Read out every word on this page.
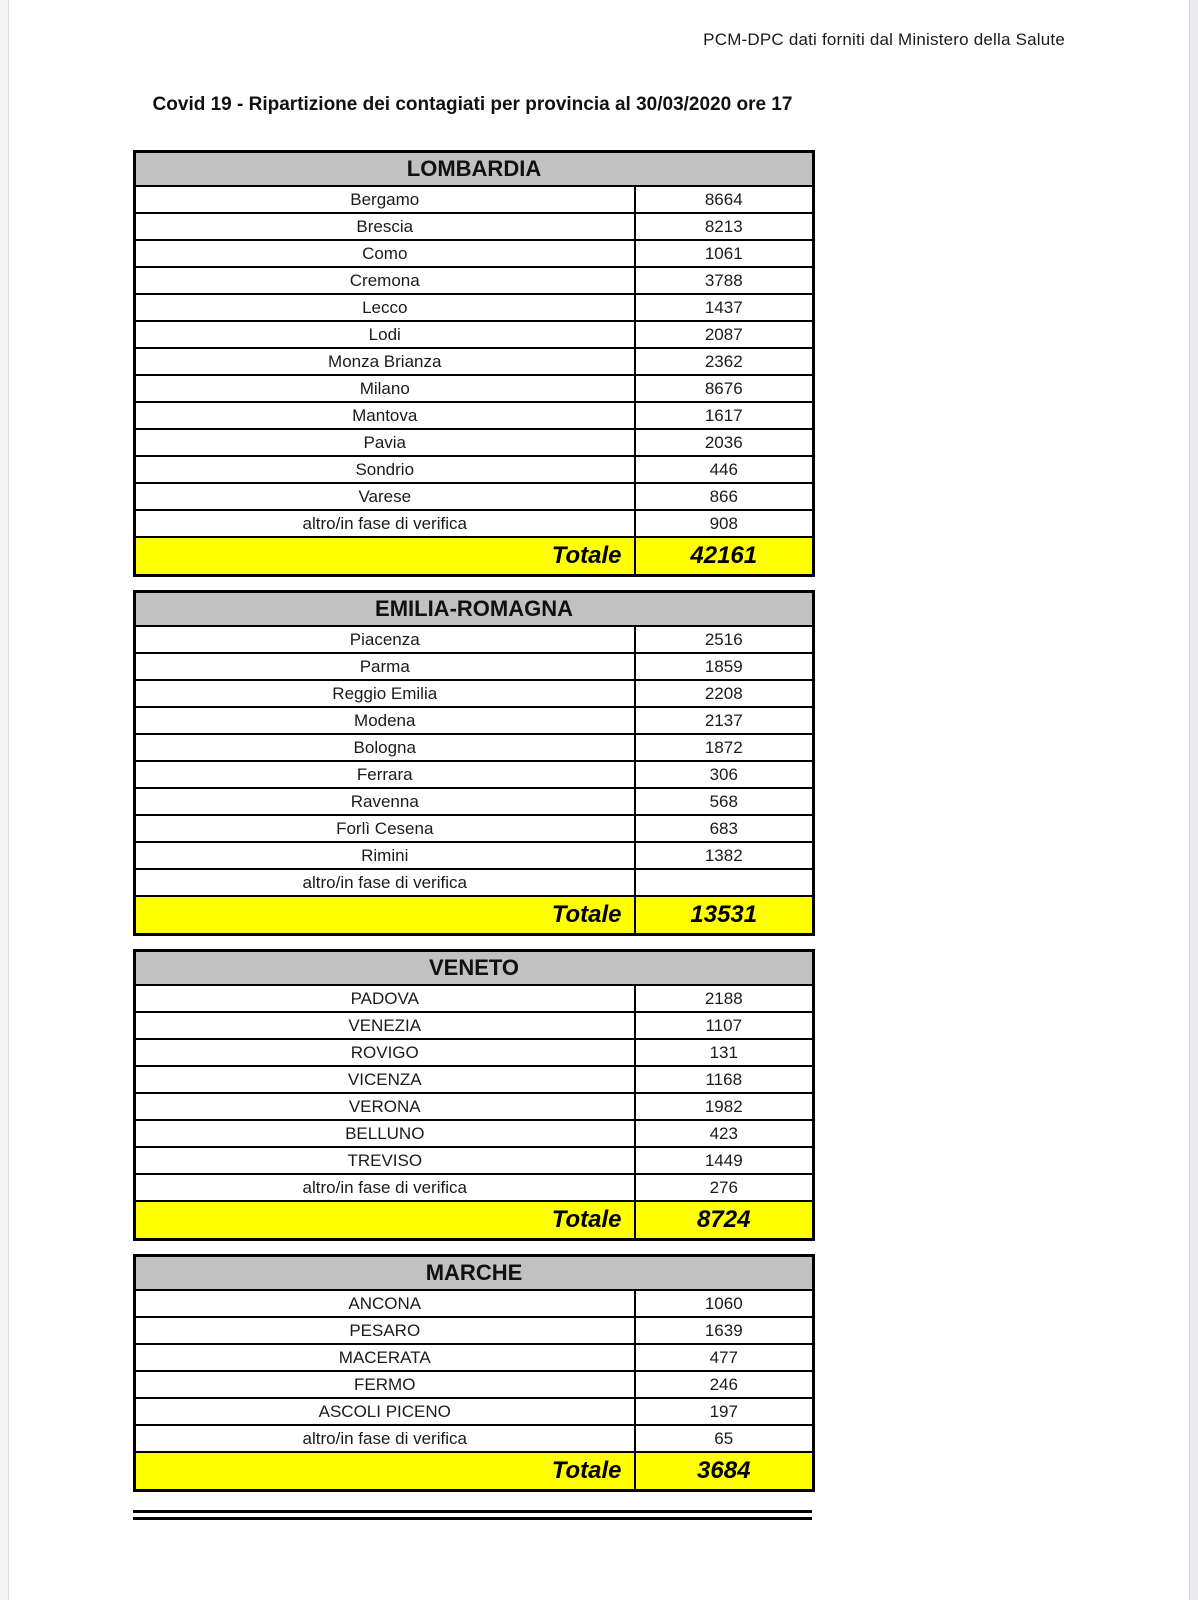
PCM-DPC dati forniti dal Ministero della Salute
Covid 19 - Ripartizione dei contagiati per provincia al 30/03/2020 ore 17
LOMBARDIA	
Bergamo	8664
Brescia	8213
Como	1061
Cremona	3788
Lecco	1437
Lodi	2087
Monza Brianza	2362
Milano	8676
Mantova	1617
Pavia	2036
Sondrio	446
Varese	866
altro/in fase di verifica	908
Totale	42161
EMILIA-ROMAGNA	
Piacenza	2516
Parma	1859
Reggio Emilia	2208
Modena	2137
Bologna	1872
Ferrara	306
Ravenna	568
Forlì Cesena	683
Rimini	1382
altro/in fase di verifica	
Totale	13531
VENETO	
PADOVA	2188
VENEZIA	1107
ROVIGO	131
VICENZA	1168
VERONA	1982
BELLUNO	423
TREVISO	1449
altro/in fase di verifica	276
Totale	8724
MARCHE	
ANCONA	1060
PESARO	1639
MACERATA	477
FERMO	246
ASCOLI PICENO	197
altro/in fase di verifica	65
Totale	3684
